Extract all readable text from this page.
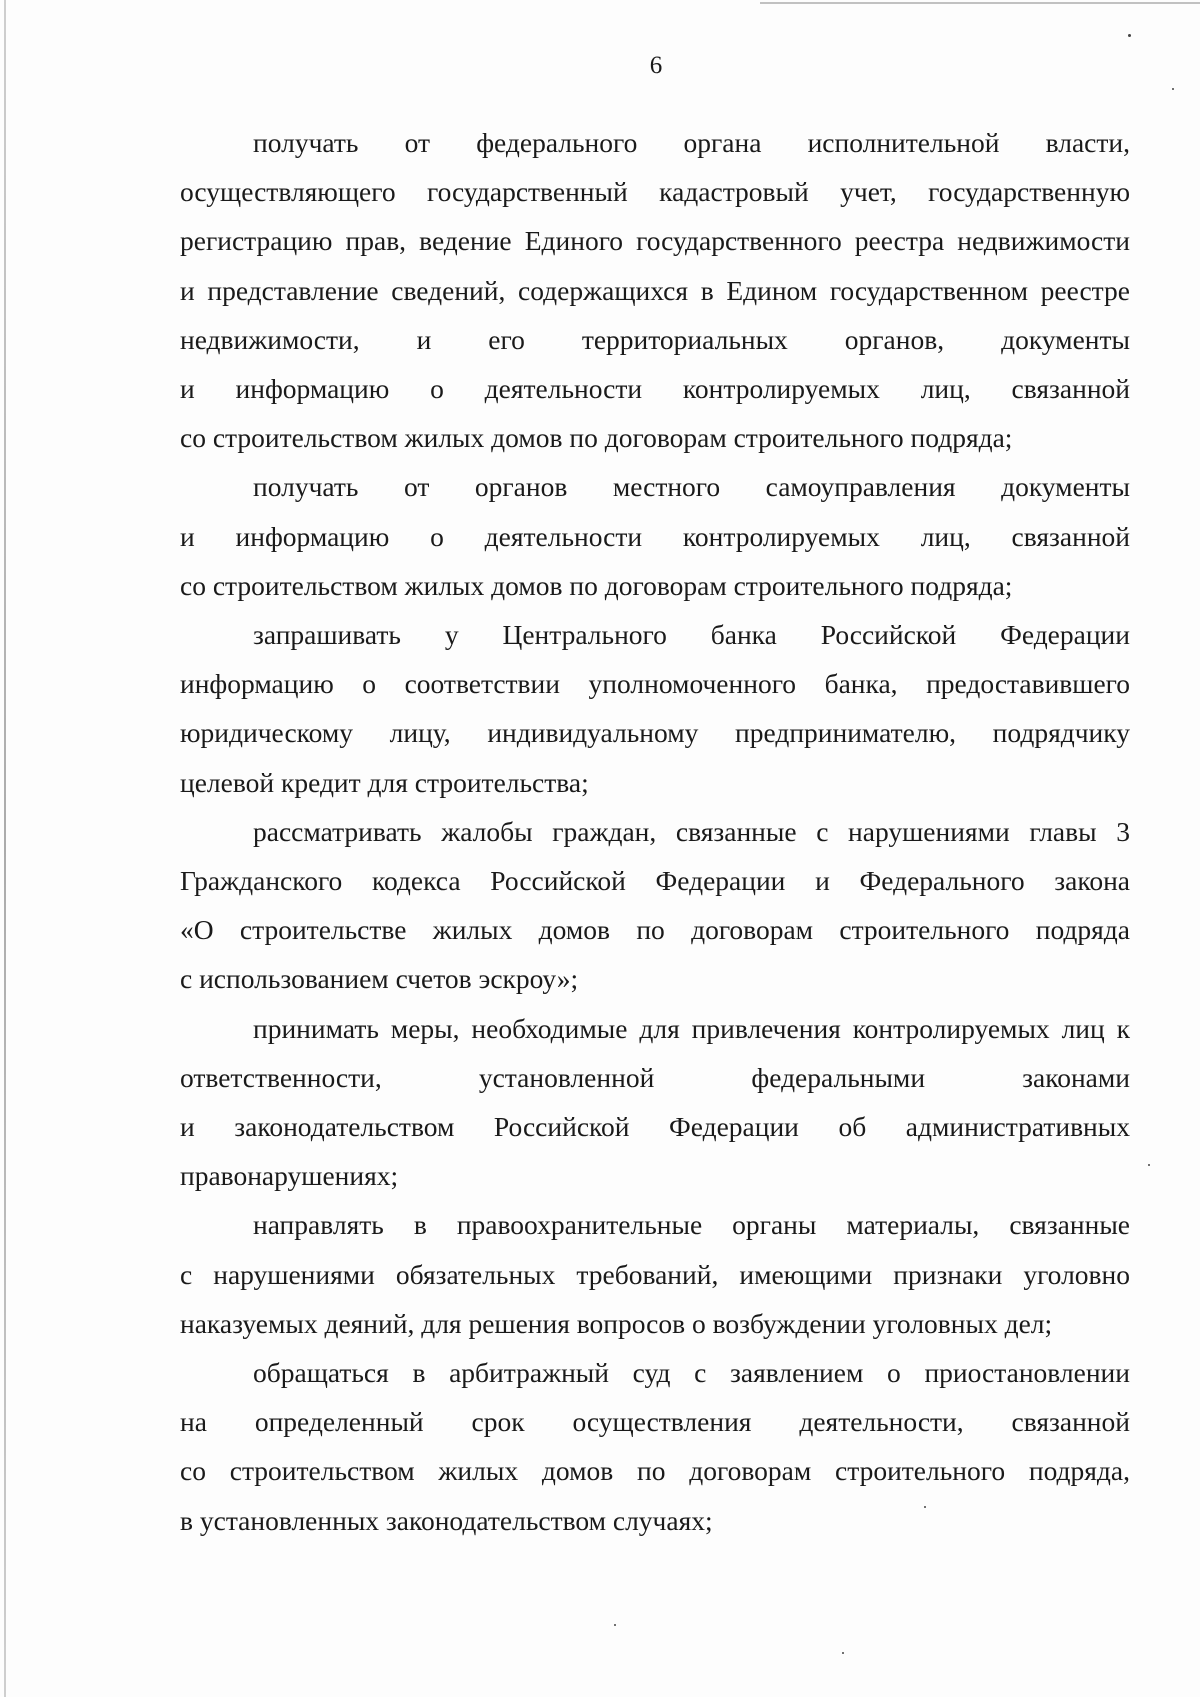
6
получать от федерального органа исполнительной власти,
осуществляющего государственный кадастровый учет, государственную
регистрацию прав, ведение Единого государственного реестра недвижимости
и представление сведений, содержащихся в Едином государственном реестре
недвижимости, и его территориальных органов, документы
и информацию о деятельности контролируемых лиц, связанной
со строительством жилых домов по договорам строительного подряда;
получать от органов местного самоуправления документы
и информацию о деятельности контролируемых лиц, связанной
со строительством жилых домов по договорам строительного подряда;
запрашивать у Центрального банка Российской Федерации
информацию о соответствии уполномоченного банка, предоставившего
юридическому лицу, индивидуальному предпринимателю, подрядчику
целевой кредит для строительства;
рассматривать жалобы граждан, связанные с нарушениями главы 3
Гражданского кодекса Российской Федерации и Федерального закона
«О строительстве жилых домов по договорам строительного подряда
с использованием счетов эскроу»;
принимать меры, необходимые для привлечения контролируемых лиц к
ответственности, установленной федеральными законами
и законодательством Российской Федерации об административных
правонарушениях;
направлять в правоохранительные органы материалы, связанные
с нарушениями обязательных требований, имеющими признаки уголовно
наказуемых деяний, для решения вопросов о возбуждении уголовных дел;
обращаться в арбитражный суд с заявлением о приостановлении
на определенный срок осуществления деятельности, связанной
со строительством жилых домов по договорам строительного подряда,
в установленных законодательством случаях;
